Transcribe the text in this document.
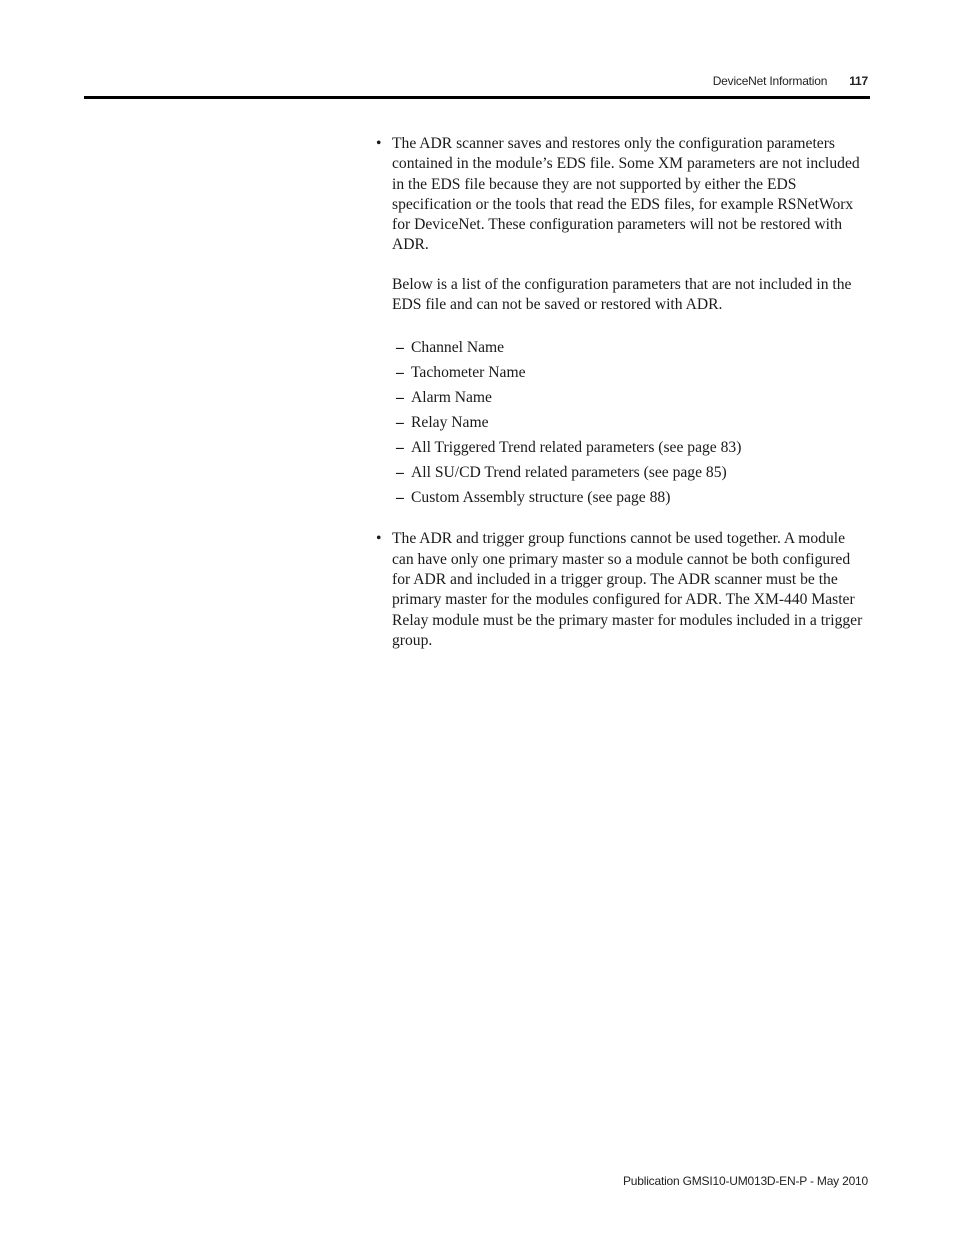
DeviceNet Information 117
• The ADR scanner saves and restores only the configuration parameters contained in the module’s EDS file. Some XM parameters are not included in the EDS file because they are not supported by either the EDS specification or the tools that read the EDS files, for example RSNetWorx for DeviceNet. These configuration parameters will not be restored with ADR.

Below is a list of the configuration parameters that are not included in the EDS file and can not be saved or restored with ADR.

– Channel Name
– Tachometer Name
– Alarm Name
– Relay Name
– All Triggered Trend related parameters (see page 83)
– All SU/CD Trend related parameters (see page 85)
– Custom Assembly structure (see page 88)
• The ADR and trigger group functions cannot be used together. A module can have only one primary master so a module cannot be both configured for ADR and included in a trigger group. The ADR scanner must be the primary master for the modules configured for ADR. The XM-440 Master Relay module must be the primary master for modules included in a trigger group.

Publication GMSI10-UM013D-EN-P - May 2010
